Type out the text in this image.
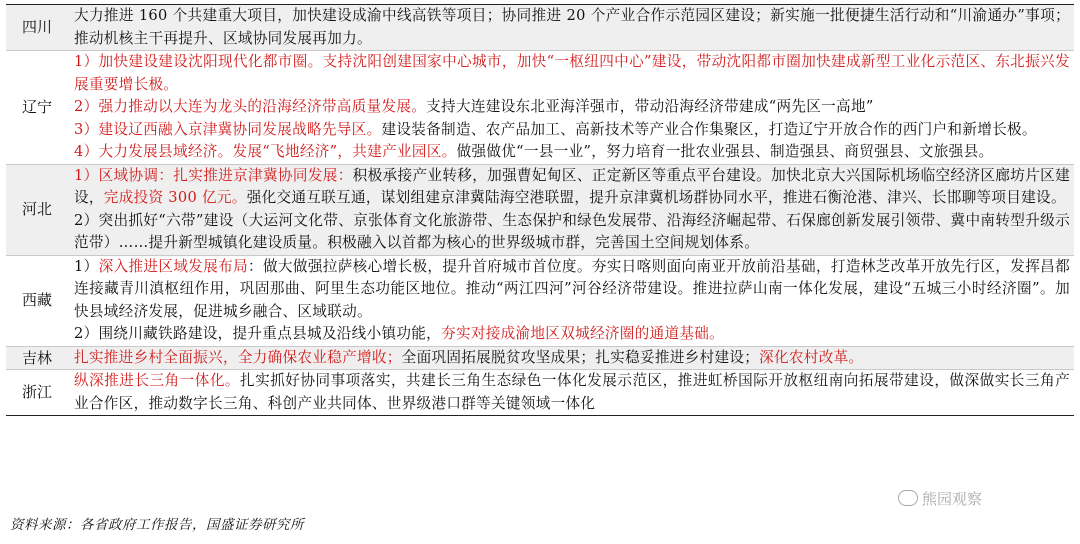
四川	大力推进 160 个共建重大项目，加快建设成渝中线高铁等项目；协同推进 20 个产业合作示范园区建设；新实施一批便捷生活行动和“川渝通办”事项；推动机核主干再提升、区域协同发展再加力。

辽宁	1）加快建设建设沈阳现代化都市圈。支持沈阳创建国家中心城市，加快“一枢纽四中心”建设，带动沈阳都市圈加快建成新型工业化示范区、东北振兴发展重要增长极。

2）强力推动以大连为龙头的沿海经济带高质量发展。支持大连建设东北亚海洋强市，带动沿海经济带建成“两先区一高地”

3）建设辽西融入京津冀协同发展战略先导区。建设装备制造、农产品加工、高新技术等产业合作集聚区，打造辽宁开放合作的西门户和新增长极。

4）大力发展县域经济。发展“飞地经济”，共建产业园区。做强做优“一县一业”，努力培育一批农业强县、制造强县、商贸强县、文旅强县。

河北	1）区域协调：扎实推进京津冀协同发展：积极承接产业转移，加强曹妃甸区、正定新区等重点平台建设。加快北京大兴国际机场临空经济区廊坊片区建设，完成投资 300 亿元。强化交通互联互通，谋划组建京津冀陆海空港联盟，提升京津冀机场群协同水平，推进石衡沧港、津兴、长邯聊等项目建设。

2）突出抓好“六带”建设（大运河文化带、京张体育文化旅游带、生态保护和绿色发展带、沿海经济崛起带、石保廊创新发展引领带、冀中南转型升级示范带）……提升新型城镇化建设质量。积极融入以首都为核心的世界级城市群，完善国土空间规划体系。

西藏	1）深入推进区域发展布局：做大做强拉萨核心增长极，提升首府城市首位度。夯实日喀则面向南亚开放前沿基础，打造林芝改革开放先行区，发挥昌都连接藏青川滇枢纽作用，巩固那曲、阿里生态功能区地位。推动“两江四河”河谷经济带建设。推进拉萨山南一体化发展，建设“五城三小时经济圈”。加快县域经济发展，促进城乡融合、区域联动。

2）围绕川藏铁路建设，提升重点县城及沿线小镇功能，夯实对接成渝地区双城经济圈的通道基础。

吉林	扎实推进乡村全面振兴，全力确保农业稳产增收；全面巩固拓展脱贫攻坚成果；扎实稳妥推进乡村建设；深化农村改革。

浙江	纵深推进长三角一体化。扎实抓好协同事项落实，共建长三角生态绿色一体化发展示范区，推进虹桥国际开放枢纽南向拓展带建设，做深做实长三角产业合作区，推动数字长三角、科创产业共同体、世界级港口群等关键领域一体化

熊园观察
资料来源：各省政府工作报告，国盛证券研究所
